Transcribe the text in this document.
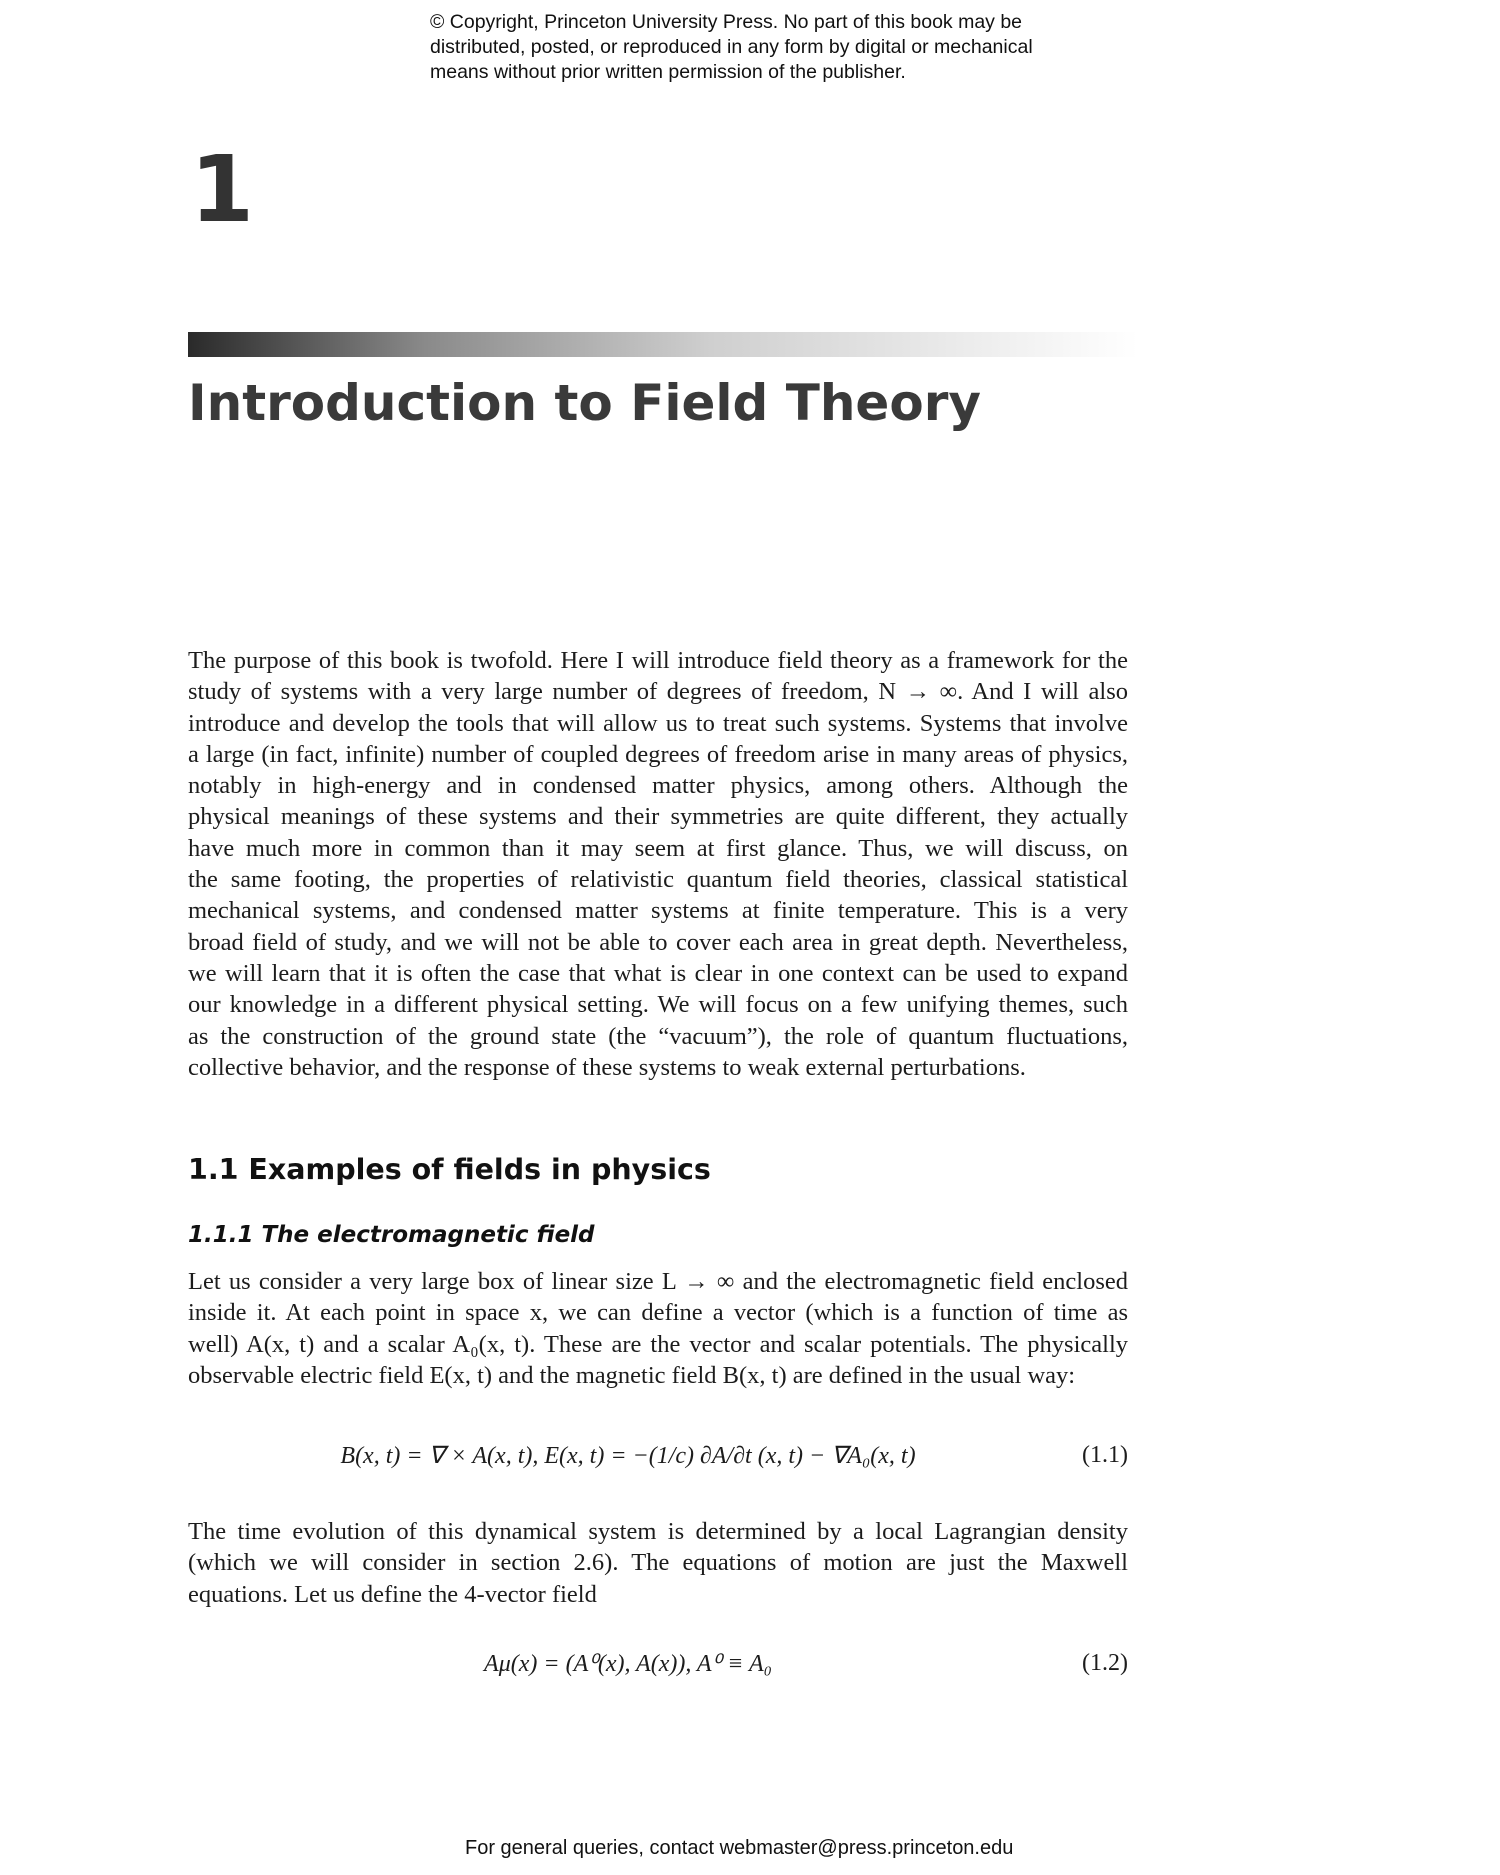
© Copyright, Princeton University Press. No part of this book may be
distributed, posted, or reproduced in any form by digital or mechanical
means without prior written permission of the publisher.
1
Introduction to Field Theory
The purpose of this book is twofold. Here I will introduce field theory as a framework for the
study of systems with a very large number of degrees of freedom, N → ∞. And I will also
introduce and develop the tools that will allow us to treat such systems. Systems that involve
a large (in fact, infinite) number of coupled degrees of freedom arise in many areas of physics,
notably in high-energy and in condensed matter physics, among others. Although the
physical meanings of these systems and their symmetries are quite different, they actually
have much more in common than it may seem at first glance. Thus, we will discuss, on
the same footing, the properties of relativistic quantum field theories, classical statistical
mechanical systems, and condensed matter systems at finite temperature. This is a very
broad field of study, and we will not be able to cover each area in great depth. Nevertheless,
we will learn that it is often the case that what is clear in one context can be used to expand
our knowledge in a different physical setting. We will focus on a few unifying themes, such
as the construction of the ground state (the “vacuum”), the role of quantum fluctuations,
collective behavior, and the response of these systems to weak external perturbations.
1.1 Examples of fields in physics
1.1.1 The electromagnetic field
Let us consider a very large box of linear size L → ∞ and the electromagnetic field enclosed
inside it. At each point in space x, we can define a vector (which is a function of time as
well) A(x, t) and a scalar A₀(x, t). These are the vector and scalar potentials. The physically
observable electric field E(x, t) and the magnetic field B(x, t) are defined in the usual way:
B(x, t) = ∇ × A(x, t), E(x, t) = −(1/c) ∂A/∂t (x, t) − ∇A₀(x, t)	(1.1)
The time evolution of this dynamical system is determined by a local Lagrangian density
(which we will consider in section 2.6). The equations of motion are just the Maxwell
equations. Let us define the 4-vector field
Aμ(x) = (A⁰(x), A(x)), A⁰ ≡ A₀	(1.2)
For general queries, contact webmaster@press.princeton.edu
